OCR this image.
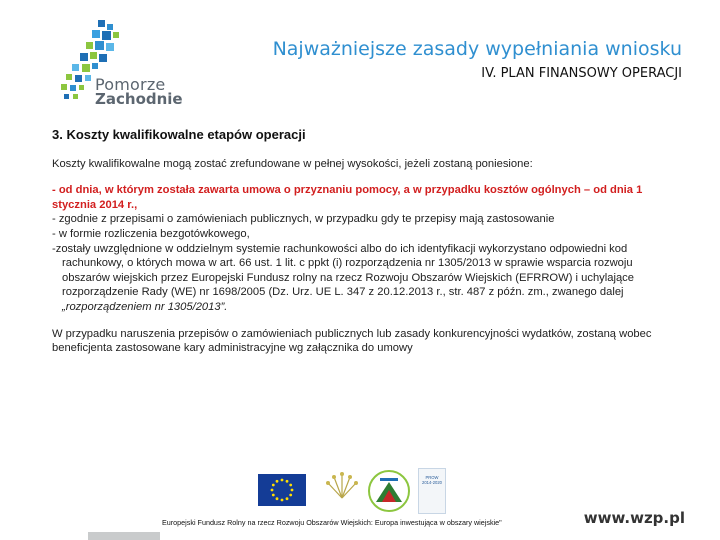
Pomorze
Zachodnie
Najważniejsze zasady wypełniania wniosku
IV. PLAN FINANSOWY OPERACJI
3. Koszty kwalifikowalne etapów operacji

Koszty kwalifikowalne mogą zostać zrefundowane w pełnej wysokości, jeżeli zostaną poniesione:

- od dnia, w którym została zawarta umowa o przyznaniu pomocy, a w przypadku kosztów ogólnych – od dnia 1
stycznia 2014 r.,
- zgodnie z przepisami o zamówieniach publicznych, w przypadku gdy te przepisy mają zastosowanie
- w formie rozliczenia bezgotówkowego,
-zostały uwzględnione w oddzielnym systemie rachunkowości albo do ich identyfikacji wykorzystano odpowiedni kod
rachunkowy, o których mowa w art. 66 ust. 1 lit. c ppkt (i) rozporządzenia nr 1305/2013 w sprawie wsparcia rozwoju
obszarów wiejskich przez Europejski Fundusz rolny na rzecz Rozwoju Obszarów Wiejskich (EFRROW) i uchylające
rozporządzenie Rady (WE) nr 1698/2005 (Dz. Urz. UE L. 347 z 20.12.2013 r., str. 487 z późn. zm., zwanego dalej
„rozporządzeniem nr 1305/2013”.

W przypadku naruszenia przepisów o zamówieniach publicznych lub zasady konkurencyjności wydatków, zostaną wobec
beneficjenta zastosowane kary administracyjne wg załącznika do umowy

PROW
2014-2020
Europejski Fundusz Rolny na rzecz Rozwoju Obszarów Wiejskich: Europa inwestująca w obszary wiejskie"	www.wzp.pl
